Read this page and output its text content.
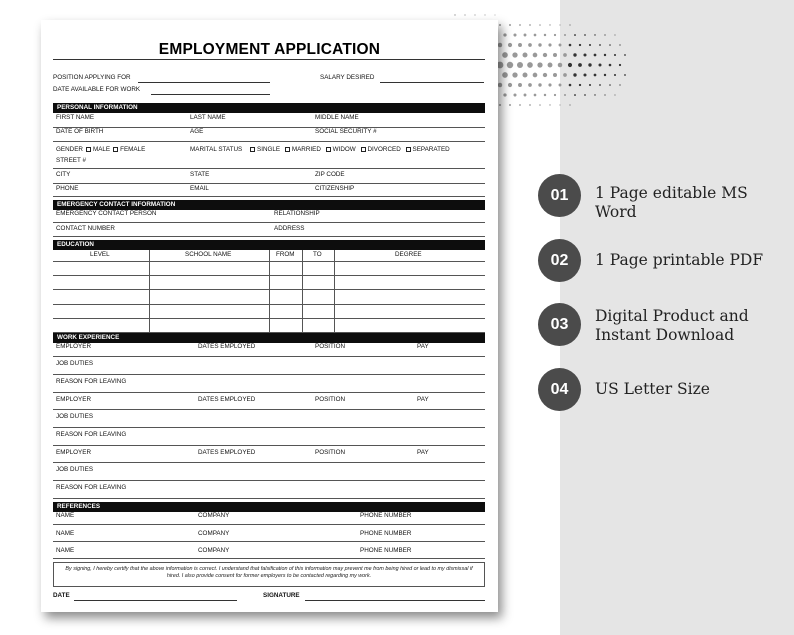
EMPLOYMENT APPLICATION
POSITION APPLYING FOR	SALARY DESIRED
DATE AVAILABLE FOR WORK
PERSONAL INFORMATION
FIRST NAME	LAST NAME	MIDDLE NAME
DATE OF BIRTH	AGE	SOCIAL SECURITY #
GENDER MALE FEMALE	MARITAL STATUS SINGLE MARRIED WIDOW DIVORCED SEPARATED
STREET #
CITY	STATE	ZIP CODE
PHONE	EMAIL	CITIZENSHIP
EMERGENCY CONTACT INFORMATION
EMERGENCY CONTACT PERSON	RELATIONSHIP
CONTACT NUMBER	ADDRESS
EDUCATION
LEVEL	SCHOOL NAME	FROM	TO	DEGREE
WORK EXPERIENCE
EMPLOYER	DATES EMPLOYED	POSITION	PAY
JOB DUTIES
REASON FOR LEAVING
EMPLOYER	DATES EMPLOYED	POSITION	PAY
JOB DUTIES
REASON FOR LEAVING
EMPLOYER	DATES EMPLOYED	POSITION	PAY
JOB DUTIES
REASON FOR LEAVING
REFERENCES
NAME	COMPANY	PHONE NUMBER
NAME	COMPANY	PHONE NUMBER
NAME	COMPANY	PHONE NUMBER
By signing, I hereby certify that the above information is correct. I understand that falsification of this information may prevent me from being hired or lead to my dismissal if hired. I also provide consent for former employers to be contacted regarding my work.
DATE	SIGNATURE
01	1 Page editable MS Word
02	1 Page printable PDF
03	Digital Product and Instant Download
04	US Letter Size
